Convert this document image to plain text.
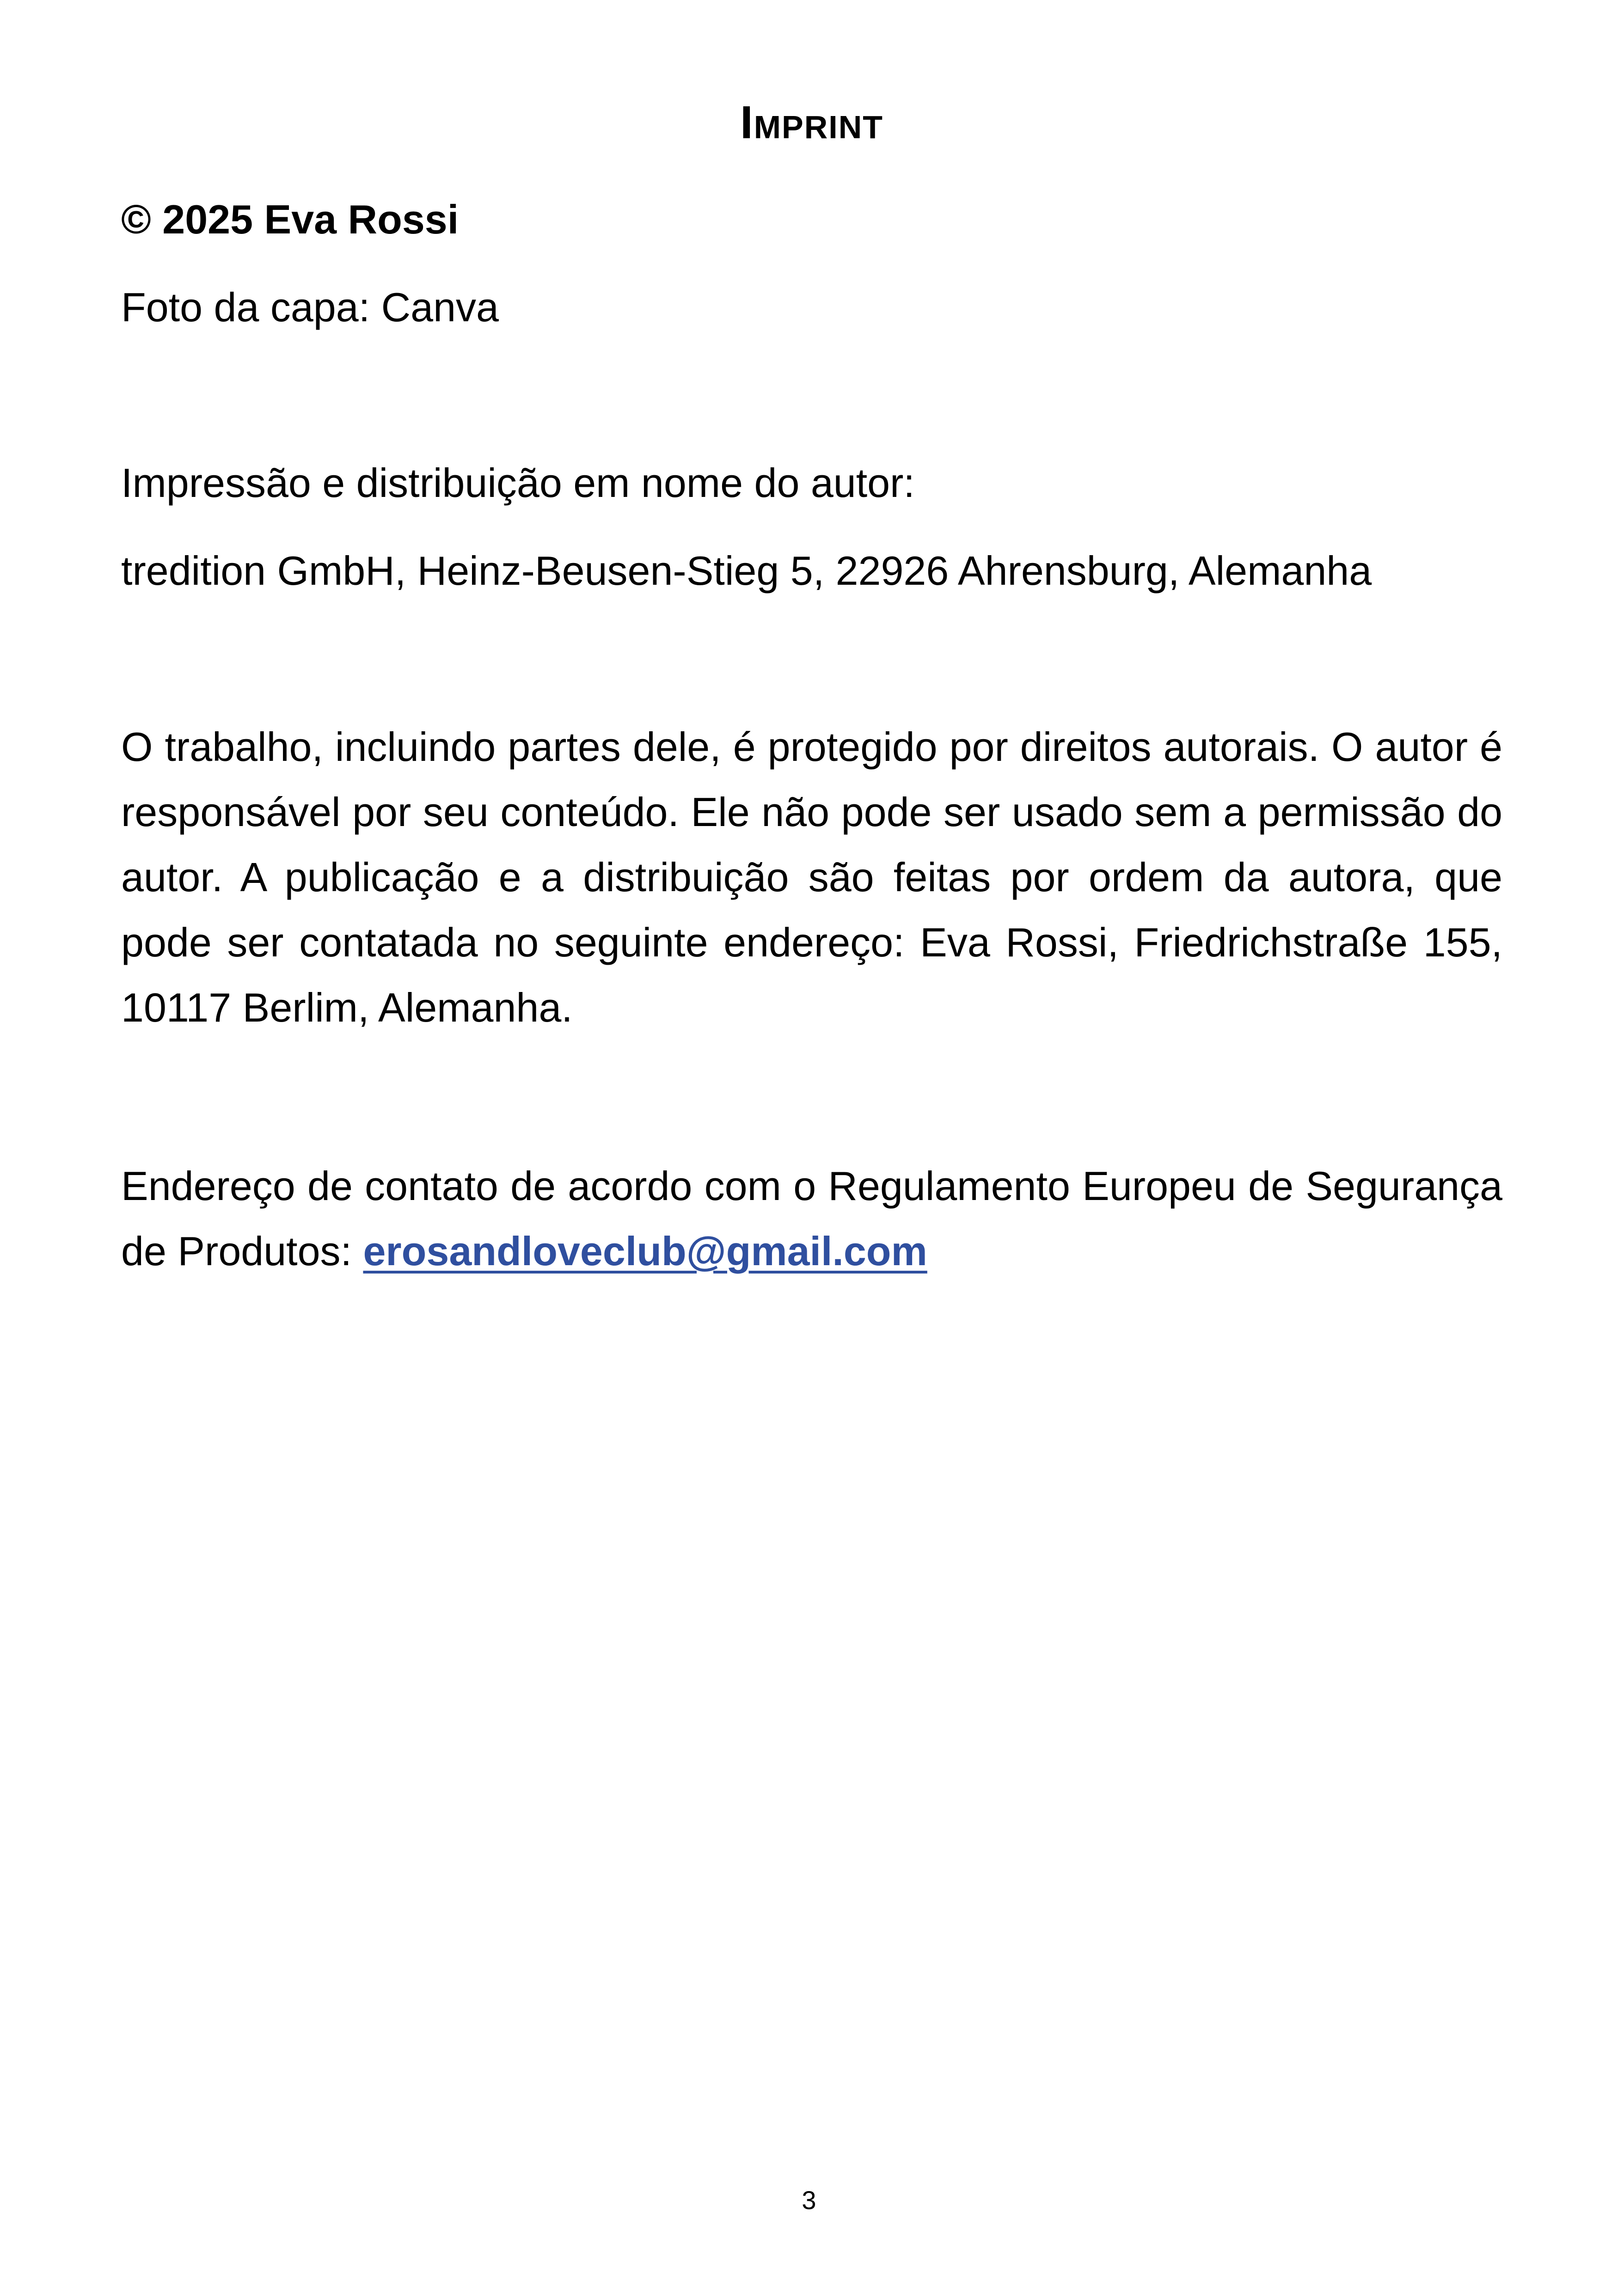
Imprint
© 2025 Eva Rossi
Foto da capa: Canva
Impressão e distribuição em nome do autor:
tredition GmbH, Heinz-Beusen-Stieg 5, 22926 Ahrensburg, Alemanha
O trabalho, incluindo partes dele, é protegido por direitos autorais. O autor é responsável por seu conteúdo. Ele não pode ser usado sem a permissão do autor. A publicação e a distribuição são feitas por ordem da autora, que pode ser contatada no seguinte endereço: Eva Rossi, Friedrichstraße 155, 10117 Berlim, Alemanha.
Endereço de contato de acordo com o Regulamento Europeu de Segurança de Produtos: erosandloveclub@gmail.com
3
